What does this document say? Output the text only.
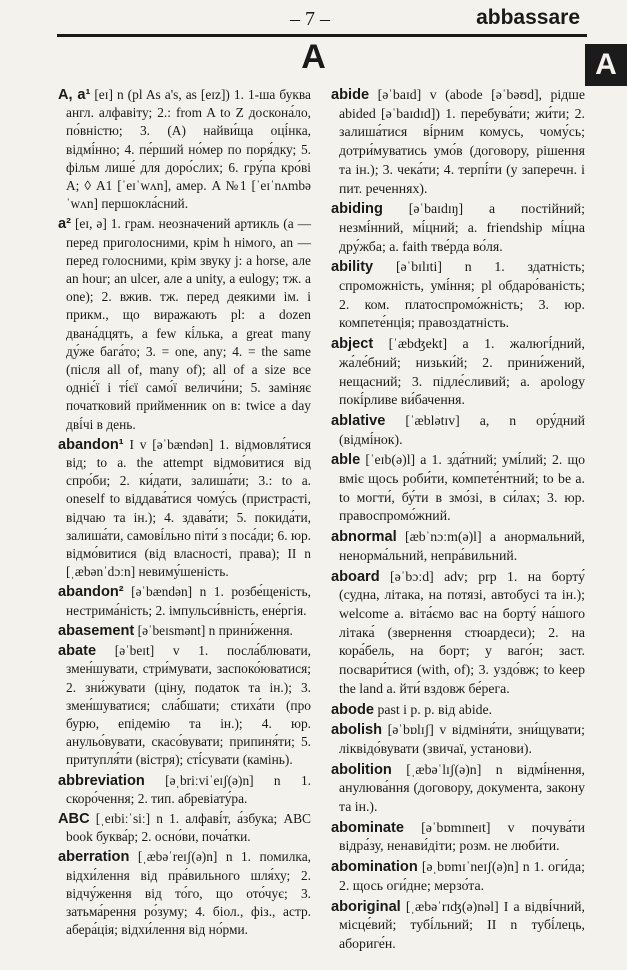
– 7 –	abbassare
A	A

A, a¹ [eɪ] n (pl As a's, as [eɪz]) 1. 1-ша буква англ. алфавіту; 2.: from A to Z доскона́ло, по́вністю; 3. (A) найви́ща оці́нка, відмі́нно; 4. пе́рший но́мер по поря́дку; 5. фільм лише́ для доро́слих; 6. гру́па кро́ві А; ◊ A1 [ˈeɪˈwʌn], амер. A №1 [ˈeɪˈnʌmbəˈwʌn] першокла́сний.

a² [eɪ, ə] 1. грам. неозначений артикль (а — перед приголосними, крім h німого, an — перед голосними, крім звуку j: a horse, але an hour; an ulcer, але a unity, a eulogy; тж. a one); 2. вжив. тж. перед деякими ім. і прикм., що виражають pl: a dozen двана́дцять, a few кі́лька, a great many ду́же бага́то; 3. = one, any; 4. = the same (після all of, many of); all of a size все одніє́ї і ті́єї само́ї величи́ни; 5. заміняє початковий прийменник on в: twice a day дві́чі в день.

abandon¹ I v [əˈbændən] 1. відмовля́тися від; to a. the attempt відмо́витися від спро́би; 2. ки́дати, залиша́ти; 3.: to a. oneself to віддава́тися чому́сь (пристрасті, відчаю та ін.); 4. здава́ти; 5. покида́ти, залиша́ти, самові́льно піти́ з поса́ди; 6. юр. відмо́витися (від власності, права); II n [ˌæbənˈdɔːn] невиму́шеність.

abandon² [əˈbændən] n 1. розбе́щеність, нестрима́ність; 2. імпульси́вність, ене́ргія.

abasement [əˈbeɪsmənt] n прини́ження.

abate [əˈbeɪt] v 1. посла́блювати, змен́шувати, стри́мувати, заспоко́юватися; 2. зни́жувати (ціну, податок та ін.); 3. змен́шуватися; сла́бшати; стиха́ти (про бурю, епідемію та ін.); 4. юр. анульо́вувати, скасо́вувати; припиня́ти; 5. притупля́ти (вістря); сті́сувати (камінь).

abbreviation [əˌbriːviˈeɪʃ(ə)n] n 1. скоро́чення; 2. тип. абревіату́ра.

ABC [ˌeɪbiːˈsiː] n 1. алфаві́т, а́збука; ABC book буква́р; 2. осно́ви, поча́тки.

aberration [ˌæbəˈreɪʃ(ə)n] n 1. помилка, відхи́лення від пра́вильного шля́ху; 2. відчу́ження від то́го, що ото́чує; 3. затьма́рення ро́зуму; 4. біол., фіз., астр. абера́ція; відхи́лення від но́рми.

abide [əˈbaɪd] v (abode [əˈbəʊd], рідше abided [əˈbaɪdɪd]) 1. перебува́ти; жи́ти; 2. залиша́тися ві́рним комусь, чому́сь; дотри́муватись умо́в (договору, рішення та ін.); 3. чека́ти; 4. терпі́ти (у заперечн. і пит. реченнях).

abiding [əˈbaɪdɪŋ] a постійний; незмі́нний, мі́цний; a. friendship мі́цна дру́жба; a. faith тве́рда во́ля.

ability [əˈbɪlɪti] n 1. здатність; спроможність, умі́ння; pl обдаро́ваність; 2. ком. платоспромо́жність; 3. юр. компете́нція; правоздатність.

abject [ˈæbʤekt] a 1. жалюгі́дний, жа́ле́бний; низьки́й; 2. прини́жений, нещасний; 3. підле́сливий; a. apology покі́рливе ви́бачення.

ablative [ˈæblətɪv] a, n ору́дний (відмі́нок).

able [ˈeɪb(ə)l] a 1. зда́тний; умі́лий; 2. що вміє щось роби́ти, компете́нтний; to be a. to могти́, бу́ти в змо́зі, в си́лах; 3. юр. правоспромо́жний.

abnormal [æbˈnɔːm(ə)l] a анормальний, ненорма́льний, непра́вильний.

aboard [əˈbɔːd] adv; prp 1. на борту́ (судна, літака, на потязі, автобусі та ін.); welcome a. віта́ємо вас на борту́ на́шого літака́ (звернення стюардеси); 2. на кора́бель, на борт; у ваго́н; заст. посвари́тися (with, of); 3. уздо́вж; to keep the land a. йти́ вздовж бе́рега.

abode past і p. p. від abide.

abolish [əˈbɒlɪʃ] v відміня́ти, зни́щувати; ліквідо́вувати (звичаї, установи).

abolition [ˌæbəˈlɪʃ(ə)n] n відмі́нення, анулюва́ння (договору, документа, закону та ін.).

abominate [əˈbɒmɪneɪt] v почува́ти відра́зу, ненави́діти; розм. не люби́ти.

abomination [əˌbɒmɪˈneɪʃ(ə)n] n 1. оги́да; 2. щось оги́дне; мерзо́та.

aboriginal [ˌæbəˈrɪʤ(ə)nəl] I a відві́чний, місце́вий; тубі́льний; II n тубі́лець, абориге́н.
